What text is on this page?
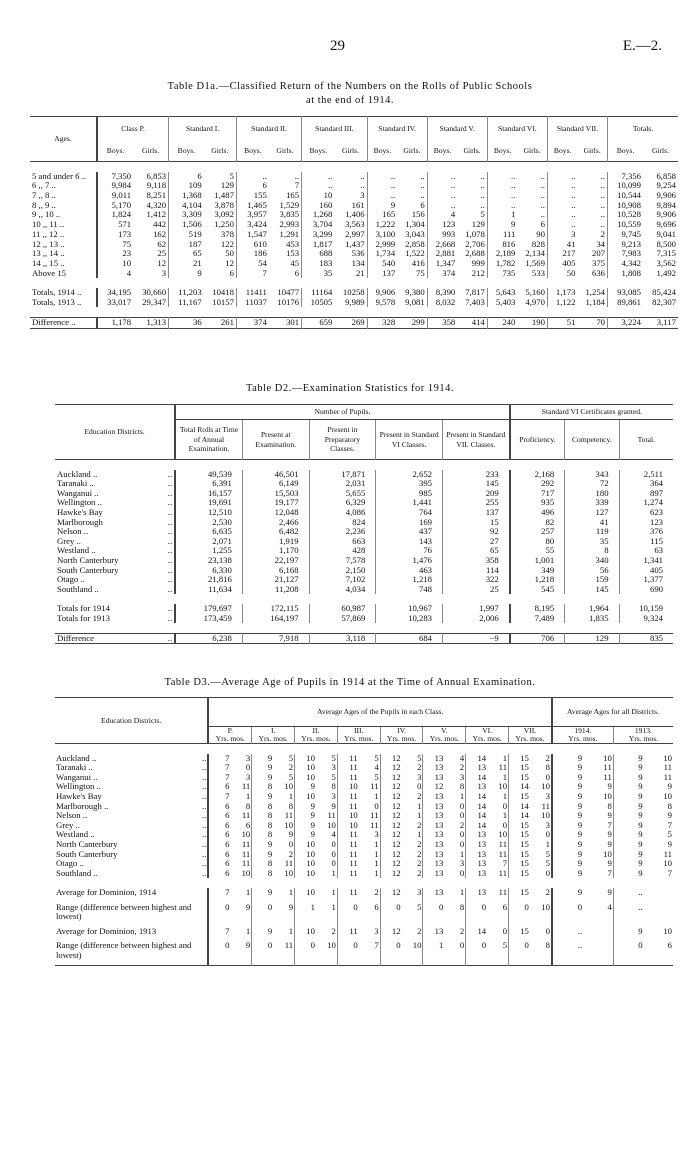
29	E.—2.
Table D1a.—Classified Return of the Numbers on the Rolls of Public Schools
at the end of 1914.
Ages.	Class P.		Standard I.		Standard II.		Standard III.		Standard IV.		Standard V.		Standard VI.		Standard VII.		Totals.	
	Boys.	Girls.	Boys.	Girls.	Boys.	Girls.	Boys.	Girls.	Boys.	Girls.	Boys.	Girls.	Boys.	Girls.	Boys.	Girls.	Boys.	Girls.

5 and under 6 ..	7,350	6,853	6	5	..	..	..	..	..	..	..	..	..	..	..	..	7,356	6,858
6 ,, 7 ..	9,984	9,118	109	129	6	7	..	..	..	..	..	..	..	..	..	..	10,099	9,254
7 ,, 8 ..	9,011	8,251	1,368	1,487	155	165	10	3	..	..	..	..	..	..	..	..	10,544	9,906
8 ,, 9 ..	5,170	4,320	4,104	3,878	1,465	1,529	160	161	9	6	..	..	..	..	..	..	10,908	9,894
9 ,, 10 ..	1,824	1,412	3,309	3,092	3,957	3,835	1,268	1,406	165	156	4	5	1	..	..	..	10,528	9,906
10 ,, 11 ..	571	442	1,506	1,250	3,424	2,993	3,704	3,563	1,222	1,304	123	129	9	6	..	..	10,559	9,696
11 ,, 12 ..	173	162	519	378	1,547	1,291	3,299	2,997	3,100	3,043	993	1,078	111	90	3	2	9,745	9,041
12 ,, 13 ..	75	62	187	122	610	453	1,817	1,437	2,999	2,858	2,668	2,706	816	828	41	34	9,213	8,500
13 ,, 14 ..	23	25	65	50	186	153	688	536	1,734	1,522	2,881	2,688	2,189	2,134	217	207	7,983	7,315
14 ,, 15 ..	10	12	21	12	54	45	183	134	540	416	1,347	999	1,782	1,569	405	375	4,342	3,562
Above 15	4	3	9	6	7	6	35	21	137	75	374	212	735	533	50	636	1,808	1,492

Totals, 1914 ..	34,195	30,660	11,203	10418	11411	10477	11164	10258	9,906	9,380	8,390	7,817	5,643	5,160	1,173	1,254	93,085	85,424
Totals, 1913 ..	33,017	29,347	11,167	10157	11037	10176	10505	9,989	9,578	9,081	8,032	7,403	5,403	4,970	1,122	1,184	89,861	82,307

Difference ..	1,178	1,313	36	261	374	301	659	269	328	299	358	414	240	190	51	70	3,224	3,117
Table D2.—Examination Statistics for 1914.
Education Districts.	Number of Pupils.					Standard VI Certificates granted.		
	Total Rolls at Time of Annual Examination.	Present at Examination.	Present in Preparatory Classes.	Present in Standard VI Classes.	Present in Standard VII. Classes.	Proficiency.	Competency.	Total.

Auckland .. ..	49,539	46,501	17,871	2,652	233	2,168	343	2,511
Taranaki .. ..	6,391	6,149	2,031	395	145	292	72	364
Wanganui .. ..	16,157	15,503	5,655	985	209	717	180	897
Wellington .. ..	19,691	19,177	6,329	1,441	255	935	339	1,274
Hawke's Bay ..	12,510	12,048	4,086	764	137	496	127	623
Marlborough ..	2,530	2,466	824	169	15	82	41	123
Nelson .. ..	6,635	6,482	2,236	437	92	257	119	376
Grey .. ..	2,071	1,919	663	143	27	80	35	115
Westland .. ..	1,255	1,170	428	76	65	55	8	63
North Canterbury ..	23,138	22,197	7,578	1,476	358	1,001	340	1,341
South Canterbury ..	6,330	6,168	2,150	463	114	349	56	405
Otago .. ..	21,816	21,127	7,102	1,218	322	1,218	159	1,377
Southland .. ..	11,634	11,208	4,034	748	25	545	145	690

Totals for 1914 ..	179,697	172,115	60,987	10,967	1,997	8,195	1,964	10,159
Totals for 1913 ..	173,459	164,197	57,869	10,283	2,006	7,489	1,835	9,324

Difference ..	6,238	7,918	3,118	684	−9	706	129	835
Table D3.—Average Age of Pupils in 1914 at the Time of Annual Examination.
Education Districts.	Average Ages of the Pupils in each Class.																Average Ages for all Districts.			
	P.		I.		II.		III.		IV.		V.		VI.		VII.		1914.		1913.	
	Yrs. mos.		Yrs. mos.		Yrs. mos.		Yrs. mos.		Yrs. mos.		Yrs. mos.		Yrs. mos.		Yrs. mos.		Yrs. mos.		Yrs. mos.	

Auckland .. ..	7	3	9	5	10	5	11	5	12	5	13	4	14	1	15	2	9	10	9	10
Taranaki .. ..	7	0	9	2	10	3	11	4	12	2	13	2	13	11	15	8	9	11	9	11
Wanganui .. ..	7	3	9	5	10	5	11	5	12	3	13	3	14	1	15	0	9	11	9	11
Wellington .. ..	6	11	8	10	9	8	10	11	12	0	12	8	13	10	14	10	9	9	9	9
Hawke's Bay ..	7	1	9	1	10	3	11	1	12	2	13	1	14	1	15	3	9	10	9	10
Marlborough .. ..	6	8	8	8	9	9	11	0	12	1	13	0	14	0	14	11	9	8	9	8
Nelson .. ..	6	11	8	11	9	11	10	11	12	1	13	0	14	1	14	10	9	9	9	9
Grey .. ..	6	6	8	10	9	10	10	11	12	2	13	2	14	0	15	3	9	7	9	7
Westland .. ..	6	10	8	9	9	4	11	3	12	1	13	0	13	10	15	0	9	9	9	5
North Canterbury ..	6	11	9	0	10	0	11	1	12	2	13	0	13	11	15	1	9	9	9	9
South Canterbury ..	6	11	9	2	10	0	11	1	12	2	13	1	13	11	15	5	9	10	9	11
Otago .. ..	6	11	8	11	10	0	11	1	12	2	13	3	13	7	15	5	9	9	9	10
Southland .. ..	6	10	8	10	10	1	11	1	12	2	13	0	13	11	15	0	9	7	9	7

Average for Dominion, 1914	7	1	9	1	10	1	11	2	12	3	13	1	13	11	15	2	9	9	..	
Range (difference between highest and lowest)	0	9	0	9	1	1	0	6	0	5	0	8	0	6	0	10	0	4	..	
Average for Dominion, 1913	7	1	9	1	10	2	11	3	12	2	13	2	14	0	15	0	..		9	10
Range (difference between highest and lowest)	0	9	0	11	0	10	0	7	0	10	1	0	0	5	0	8	..		0	6
